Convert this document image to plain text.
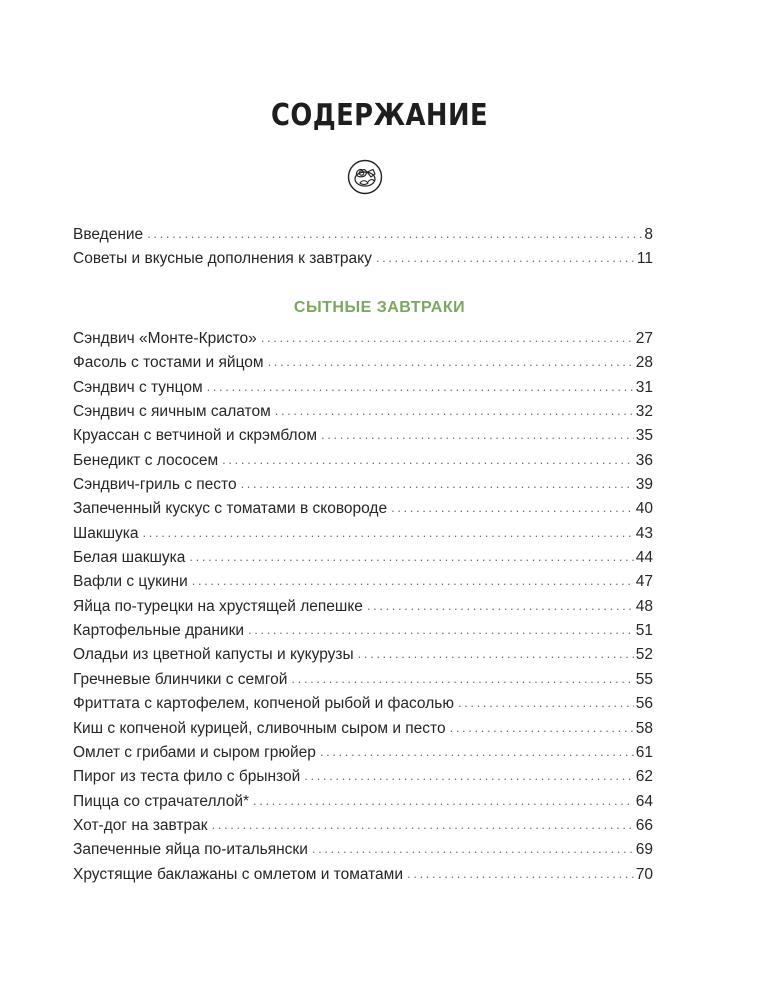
СОДЕРЖАНИЕ
Введение . . .	8
Советы и вкусные дополнения к завтраку . . .	11
СЫТНЫЕ ЗАВТРАКИ
Сэндвич «Монте-Кристо» . . .	27
Фасоль с тостами и яйцом . . .	28
Сэндвич с тунцом . . .	31
Сэндвич с яичным салатом . . .	32
Круассан с ветчиной и скрэмблом . . .	35
Бенедикт с лососем . . .	36
Сэндвич-гриль с песто . . .	39
Запеченный кускус с томатами в сковороде . . .	40
Шакшука . . .	43
Белая шакшука . . .	44
Вафли с цукини . . .	47
Яйца по-турецки на хрустящей лепешке . . .	48
Картофельные драники . . .	51
Оладьи из цветной капусты и кукурузы . . .	52
Гречневые блинчики с семгой . . .	55
Фриттата с картофелем, копченой рыбой и фасолью . . .	56
Киш с копченой курицей, сливочным сыром и песто . . .	58
Омлет с грибами и сыром грюйер . . .	61
Пирог из теста фило с брынзой . . .	62
Пицца со страчателлой* . . .	64
Хот-дог на завтрак . . .	66
Запеченные яйца по-итальянски . . .	69
Хрустящие баклажаны с омлетом и томатами . . .	70
